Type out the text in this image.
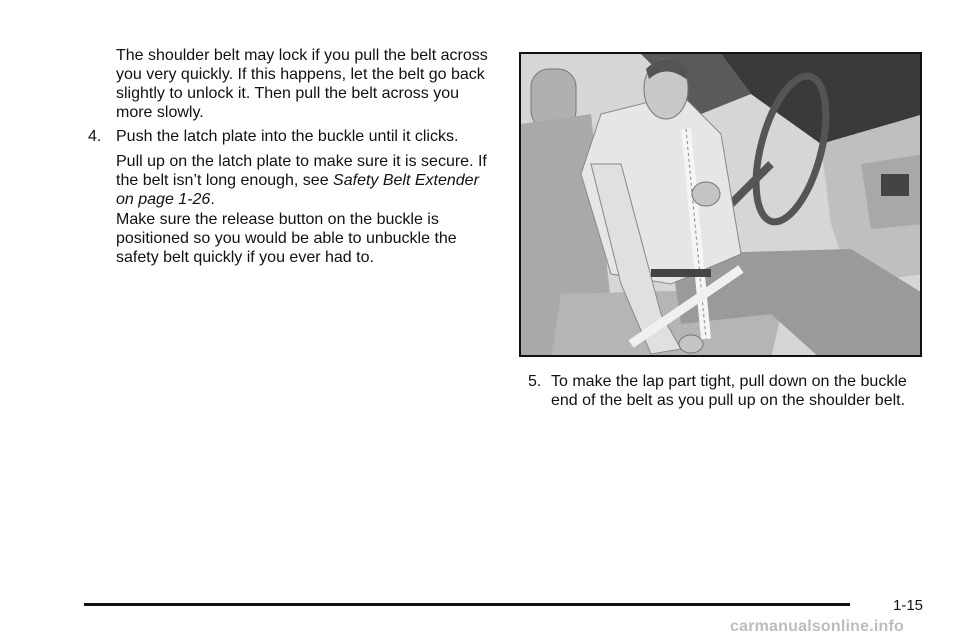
The shoulder belt may lock if you pull the belt across you very quickly. If this happens, let the belt go back slightly to unlock it. Then pull the belt across you more slowly.

4. Push the latch plate into the buckle until it clicks.

Pull up on the latch plate to make sure it is secure. If the belt isn’t long enough, see Safety Belt Extender on page 1-26.

Make sure the release button on the buckle is positioned so you would be able to unbuckle the safety belt quickly if you ever had to.

5. To make the lap part tight, pull down on the buckle end of the belt as you pull up on the shoulder belt.

1-15
carmanualsonline.info
